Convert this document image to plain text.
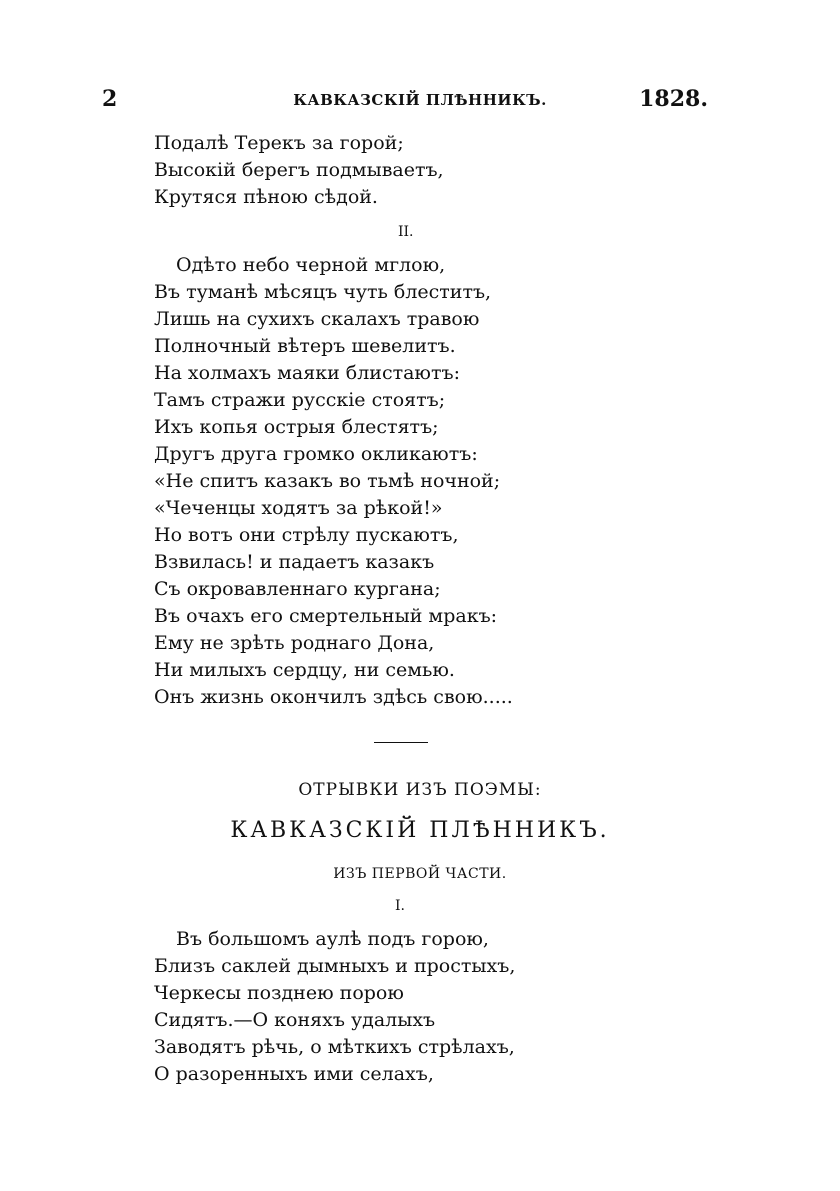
2	КАВКАЗСКІЙ ПЛѢННИКЪ.	1828.
Подалѣ Терекъ за горой;
Высокій берегъ подмываетъ,
Крутяся пѣною сѣдой.
II.
Одѣто небо черной мглою,
Въ туманѣ мѣсяцъ чуть блеститъ,
Лишь на сухихъ скалахъ травою
Полночный вѣтеръ шевелитъ.
На холмахъ маяки блистаютъ:
Тамъ стражи русскіе стоятъ;
Ихъ копья острыя блестятъ;
Другъ друга громко окликаютъ:
«Не спитъ казакъ во тьмѣ ночной;
«Чеченцы ходятъ за рѣкой!»
Но вотъ они стрѣлу пускаютъ,
Взвилась! и падаетъ казакъ
Съ окровавленнаго кургана;
Въ очахъ его смертельный мракъ:
Ему не зрѣть роднаго Дона,
Ни милыхъ сердцу, ни семью.
Онъ жизнь окончилъ здѣсь свою.....
ОТРЫВКИ ИЗЪ ПОЭМЫ:
КАВКАЗСКІЙ ПЛѢННИКЪ.
ИЗЪ ПЕРВОЙ ЧАСТИ.
I.
Въ большомъ аулѣ подъ горою,
Близъ саклей дымныхъ и простыхъ,
Черкесы позднею порою
Сидятъ.—О коняхъ удалыхъ
Заводятъ рѣчь, о мѣткихъ стрѣлахъ,
О разоренныхъ ими селахъ,
